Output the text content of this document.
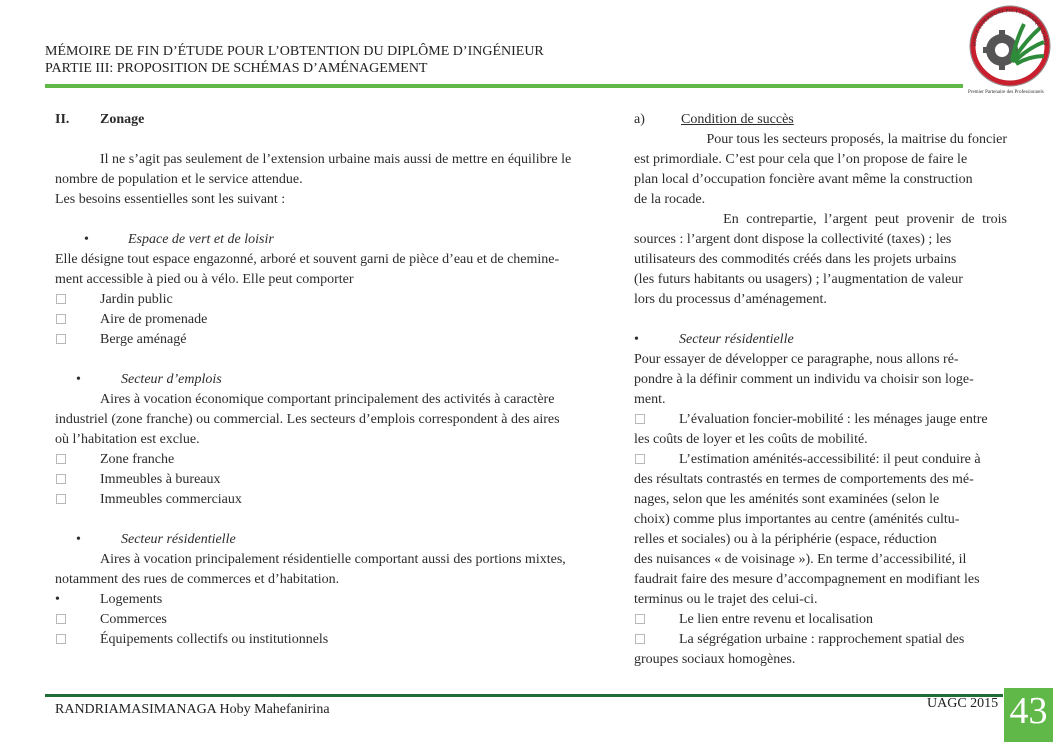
MÉMOIRE DE FIN D’ÉTUDE POUR L’OBTENTION DU DIPLÔME D’INGÉNIEUR
PARTIE III: PROPOSITION DE SCHÉMAS D’AMÉNAGEMENT
ECOLE SUPERIEURE POLYTECHNIQUE D'ANT
Premier Partenaire des Professionnels
II. Zonage
Il ne s’agit pas seulement de l’extension urbaine mais aussi de mettre en équilibre le
nombre de population et le service attendue.
Les besoins essentielles sont les suivant :
•	Espace de vert et de loisir
Elle désigne tout espace engazonné, arboré et souvent garni de pièce d’eau et de chemine-
ment accessible à pied ou à vélo. Elle peut comporter
Jardin public
Aire de promenade
Berge aménagé
•	Secteur d’emplois
Aires à vocation économique comportant principalement des activités à caractère
industriel (zone franche) ou commercial. Les secteurs d’emplois correspondent à des aires
où l’habitation est exclue.
Zone franche
Immeubles à bureaux
Immeubles commerciaux
•	Secteur résidentielle
Aires à vocation principalement résidentielle comportant aussi des portions mixtes,
notamment des rues de commerces et d’habitation.
•	Logements
Commerces
Équipements collectifs ou institutionnels
a)	Condition de succès
Pour tous les secteurs proposés, la maitrise du foncier
est primordiale. C’est pour cela que l’on propose de faire le
plan local d’occupation foncière avant même la construction
de la rocade.
En contrepartie, l’argent peut provenir de trois
sources : l’argent dont dispose la collectivité (taxes) ; les
utilisateurs des commodités créés dans les projets urbains
(les futurs habitants ou usagers) ; l’augmentation de valeur
lors du processus d’aménagement.
•	Secteur résidentielle
Pour essayer de développer ce paragraphe, nous allons ré-
pondre à la définir comment un individu va choisir son loge-
ment.
L’évaluation foncier-mobilité : les ménages jauge entre
les coûts de loyer et les coûts de mobilité.
L’estimation aménités-accessibilité: il peut conduire à
des résultats contrastés en termes de comportements des mé-
nages, selon que les aménités sont examinées (selon le
choix) comme plus importantes au centre (aménités cultu-
relles et sociales) ou à la périphérie (espace, réduction
des nuisances « de voisinage »). En terme d’accessibilité, il
faudrait faire des mesure d’accompagnement en modifiant les
terminus ou le trajet des celui-ci.
Le lien entre revenu et localisation
La ségrégation urbaine : rapprochement spatial des
groupes sociaux homogènes.
RANDRIAMASIMANAGA Hoby Mahefanirina	UAGC 2015 43
